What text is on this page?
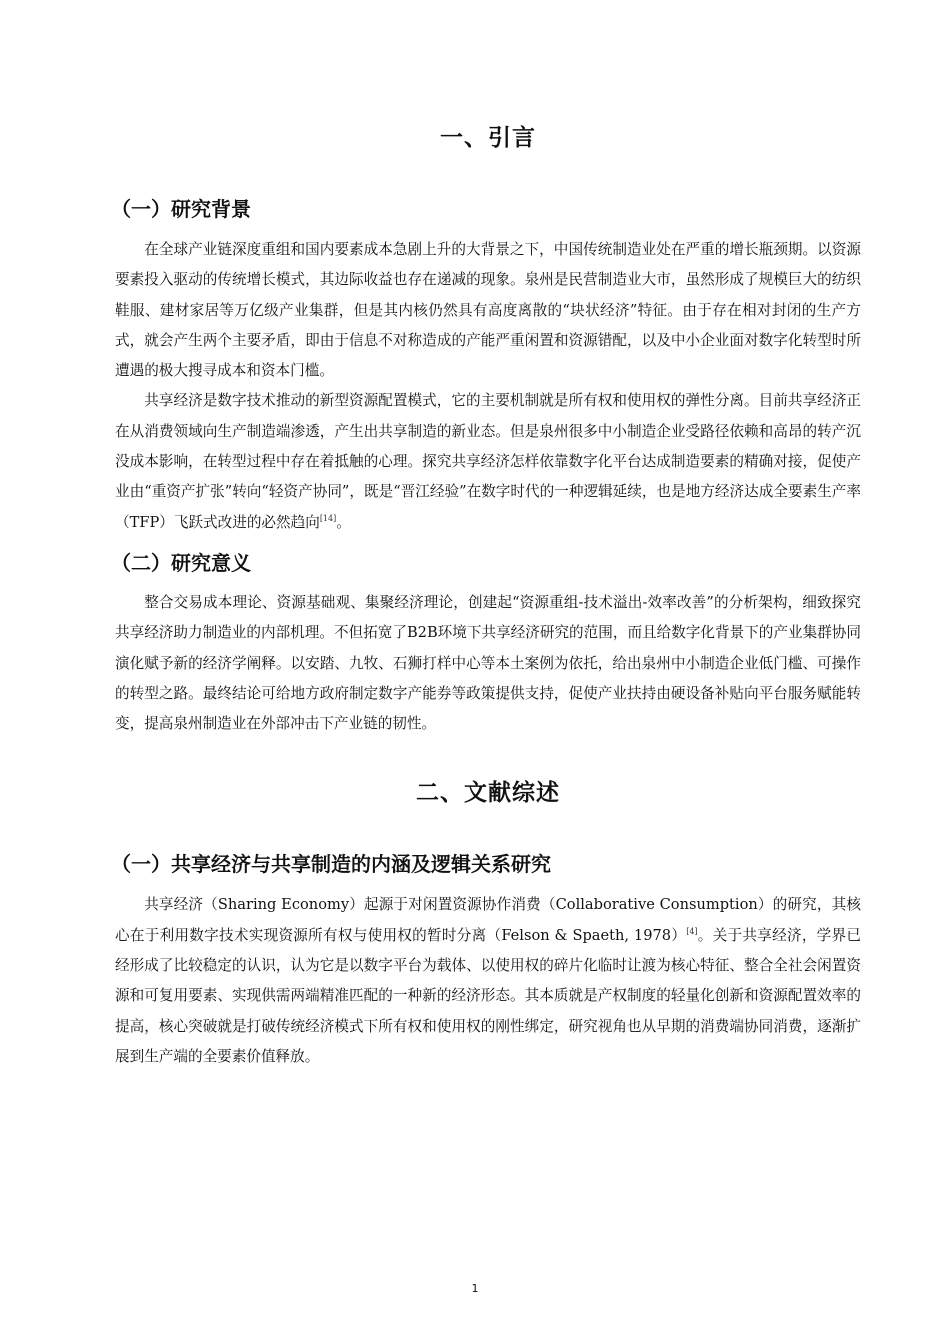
一、引言
（一）研究背景

在全球产业链深度重组和国内要素成本急剧上升的大背景之下，中国传统制造业处在严重的增长瓶颈期。以资源要素投入驱动的传统增长模式，其边际收益也存在递减的现象。泉州是民营制造业大市，虽然形成了规模巨大的纺织鞋服、建材家居等万亿级产业集群，但是其内核仍然具有高度离散的“块状经济”特征。由于存在相对封闭的生产方式，就会产生两个主要矛盾，即由于信息不对称造成的产能严重闲置和资源错配，以及中小企业面对数字化转型时所遭遇的极大搜寻成本和资本门槛。

共享经济是数字技术推动的新型资源配置模式，它的主要机制就是所有权和使用权的弹性分离。目前共享经济正在从消费领域向生产制造端渗透，产生出共享制造的新业态。但是泉州很多中小制造企业受路径依赖和高昂的转产沉没成本影响，在转型过程中存在着抵触的心理。探究共享经济怎样依靠数字化平台达成制造要素的精确对接，促使产业由“重资产扩张”转向“轻资产协同”，既是“晋江经验”在数字时代的一种逻辑延续，也是地方经济达成全要素生产率（TFP）飞跃式改进的必然趋向[14]。

（二）研究意义

整合交易成本理论、资源基础观、集聚经济理论，创建起“资源重组-技术溢出-效率改善”的分析架构，细致探究共享经济助力制造业的内部机理。不但拓宽了B2B环境下共享经济研究的范围，而且给数字化背景下的产业集群协同演化赋予新的经济学阐释。以安踏、九牧、石狮打样中心等本土案例为依托，给出泉州中小制造企业低门槛、可操作的转型之路。最终结论可给地方政府制定数字产能券等政策提供支持，促使产业扶持由硬设备补贴向平台服务赋能转变，提高泉州制造业在外部冲击下产业链的韧性。

二、文献综述
（一）共享经济与共享制造的内涵及逻辑关系研究

共享经济（Sharing Economy）起源于对闲置资源协作消费（Collaborative Consumption）的研究，其核心在于利用数字技术实现资源所有权与使用权的暂时分离（Felson & Spaeth, 1978）[4]。关于共享经济，学界已经形成了比较稳定的认识，认为它是以数字平台为载体、以使用权的碎片化临时让渡为核心特征、整合全社会闲置资源和可复用要素、实现供需两端精准匹配的一种新的经济形态。其本质就是产权制度的轻量化创新和资源配置效率的提高，核心突破就是打破传统经济模式下所有权和使用权的刚性绑定，研究视角也从早期的消费端协同消费，逐渐扩展到生产端的全要素价值释放。

1
